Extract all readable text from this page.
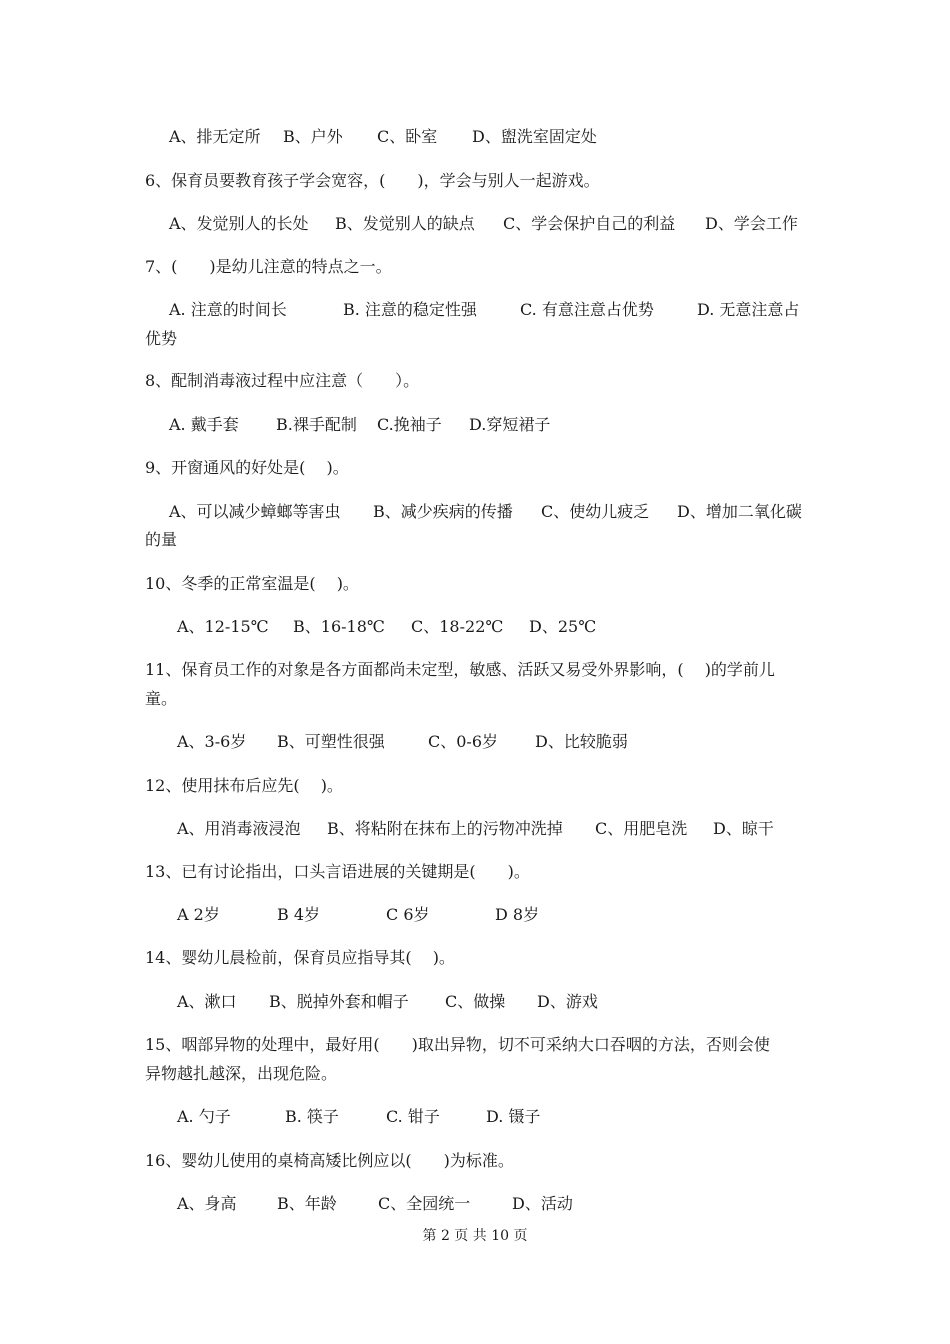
A、排无定所 B、户外 C、卧室 D、盥洗室固定处
6、保育员要教育孩子学会宽容，(　　)，学会与别人一起游戏。
A、发觉别人的长处 B、发觉别人的缺点 C、学会保护自己的利益 D、学会工作
7、(　　)是幼儿注意的特点之一。
A. 注意的时间长	B. 注意的稳定性强	C. 有意注意占优势	D. 无意注意占
优势
8、配制消毒液过程中应注意（　　）。
A. 戴手套 B.裸手配制 C.挽袖子 D.穿短裙子
9、开窗通风的好处是(　 )。
A、可以减少蟑螂等害虫 B、减少疾病的传播 C、使幼儿疲乏 D、增加二氧化碳
的量
10、冬季的正常室温是(　 )。
A、12-15℃ B、16-18℃ C、18-22℃ D、25℃
11、保育员工作的对象是各方面都尚未定型，敏感、活跃又易受外界影响，(　 )的学前儿
童。
A、3-6岁 B、可塑性很强	C、0-6岁 D、比较脆弱
12、使用抹布后应先(　 )。
A、用消毒液浸泡 B、将粘附在抹布上的污物冲洗掉 C、用肥皂洗 D、晾干
13、已有讨论指出，口头言语进展的关键期是(　　)。
A 2岁	B 4岁	C 6岁	D 8岁
14、婴幼儿晨检前，保育员应指导其(　 )。
A、漱口 B、脱掉外套和帽子 C、做操 D、游戏
15、咽部异物的处理中，最好用(　　)取出异物，切不可采纳大口吞咽的方法，否则会使
异物越扎越深，出现危险。
A. 勺子	B. 筷子	C. 钳子	D. 镊子
16、婴幼儿使用的桌椅高矮比例应以(　　)为标准。
A、身高	B、年龄	C、全园统一	D、活动
第 2 页 共 10 页
